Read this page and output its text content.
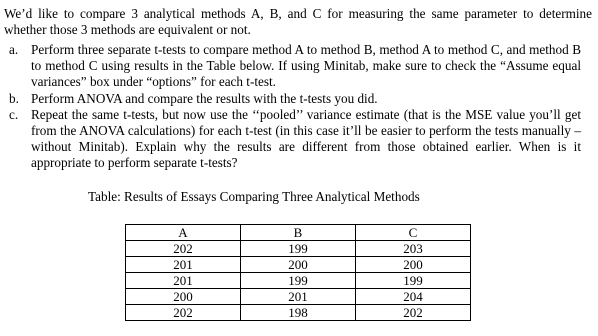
We’d like to compare 3 analytical methods A, B, and C for measuring the same parameter to determine whether those 3 methods are equivalent or not.
a. Perform three separate t-tests to compare method A to method B, method A to method C, and method B to method C using results in the Table below. If using Minitab, make sure to check the “Assume equal variances” box under “options” for each t-test.
b. Perform ANOVA and compare the results with the t-tests you did.
c. Repeat the same t-tests, but now use the ‘‘pooled’’ variance estimate (that is the MSE value you’ll get from the ANOVA calculations) for each t-test (in this case it’ll be easier to perform the tests manually – without Minitab). Explain why the results are different from those obtained earlier. When is it appropriate to perform separate t-tests?
Table: Results of Essays Comparing Three Analytical Methods
A	B	C
202	199	203
201	200	200
201	199	199
200	201	204
202	198	202
